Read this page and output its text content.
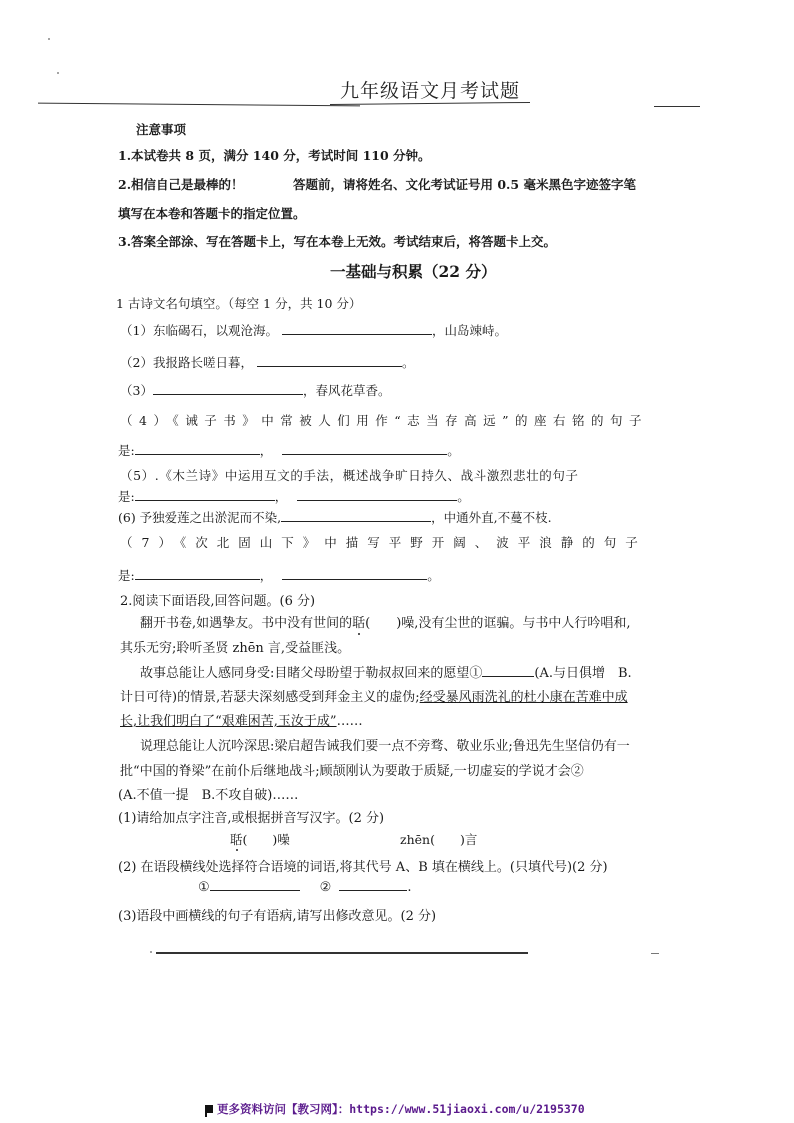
九年级语文月考试题
注意事项
1.本试卷共 8 页，满分 140 分，考试时间 110 分钟。
2.相信自己是最棒的！	答题前，请将姓名、文化考试证号用 0.5 毫米黑色字迹签字笔
填写在本卷和答题卡的指定位置。
3.答案全部涂、写在答题卡上，写在本卷上无效。考试结束后，将答题卡上交。
一基础与积累（22 分）
1 古诗文名句填空。（每空 1 分，共 10 分）
（1）东临碣石，以观沧海。	，山岛竦峙。
（2）我报路长嗟日暮，	。
（3）	，春风花草香。
（4）《诫子书》中常被人们用作“志当存高远”的座右铭的句子
是:	，	。
（5）.《木兰诗》中运用互文的手法，概述战争旷日持久、战斗激烈悲壮的句子
是:	，	。
(6) 予独爱莲之出淤泥而不染,	，中通外直,不蔓不枝.
（7）《次北固山下》中描写平野开阔、波平浪静的句子
是:	，	。
2.阅读下面语段,回答问题。(6 分)
翻开书卷,如遇挚友。书中没有世间的聒(　　)噪,没有尘世的诓骗。与书中人行吟唱和,
其乐无穷;聆听圣贤 zhēn 言,受益匪浅。
故事总能让人感同身受:目睹父母盼望于勒叔叔回来的愿望①	(A.与日俱增　B.
计日可待)的情景,若瑟夫深刻感受到拜金主义的虚伪;经受暴风雨洗礼的杜小康在苦难中成
长,让我们明白了“艰难困苦,玉汝于成”……
说理总能让人沉吟深思:梁启超告诫我们要一点不旁骛、敬业乐业;鲁迅先生坚信仍有一
批“中国的脊梁”在前仆后继地战斗;顾颉刚认为要敢于质疑,一切虚妄的学说才会②
(A.不值一提　B.不攻自破)……
(1)请给加点字注音,或根据拼音写汉字。(2 分)
聒(　　)噪	zhēn(　　)言
(2) 在语段横线处选择符合语境的词语,将其代号 A、B 填在横线上。(只填代号)(2 分)
①	②	.
(3)语段中画横线的句子有语病,请写出修改意见。(2 分)
更多资料访问【教习网】：https://www.51jiaoxi.com/u/2195370
